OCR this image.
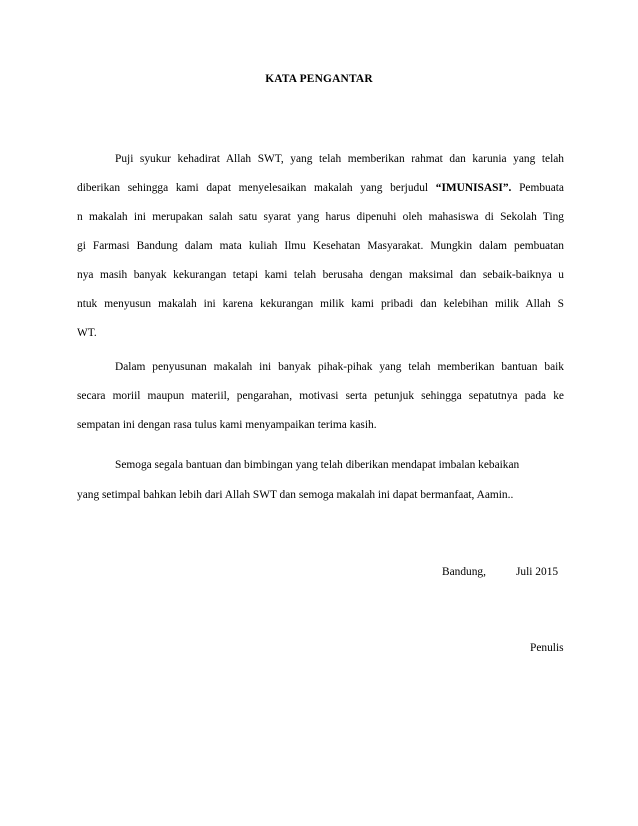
KATA PENGANTAR
Puji syukur kehadirat Allah SWT, yang telah memberikan rahmat dan karunia yang telah
diberikan sehingga kami dapat menyelesaikan makalah yang berjudul “IMUNISASI”. Pembuata
n makalah ini merupakan salah satu syarat yang harus dipenuhi oleh mahasiswa di Sekolah Ting
gi Farmasi Bandung dalam mata kuliah Ilmu Kesehatan Masyarakat. Mungkin dalam pembuatan
nya masih banyak kekurangan tetapi kami telah berusaha dengan maksimal dan sebaik-baiknya u
ntuk menyusun makalah ini karena kekurangan milik kami pribadi dan kelebihan milik Allah S
WT.
Dalam penyusunan makalah ini banyak pihak-pihak yang telah memberikan bantuan baik
secara moriil maupun materiil, pengarahan, motivasi serta petunjuk sehingga sepatutnya pada ke
sempatan ini dengan rasa tulus kami menyampaikan terima kasih.
Semoga segala bantuan dan bimbingan yang telah diberikan mendapat imbalan kebaikan
yang setimpal bahkan lebih dari Allah SWT dan semoga makalah ini dapat bermanfaat, Aamin..
Bandung,	Juli 2015
Penulis
